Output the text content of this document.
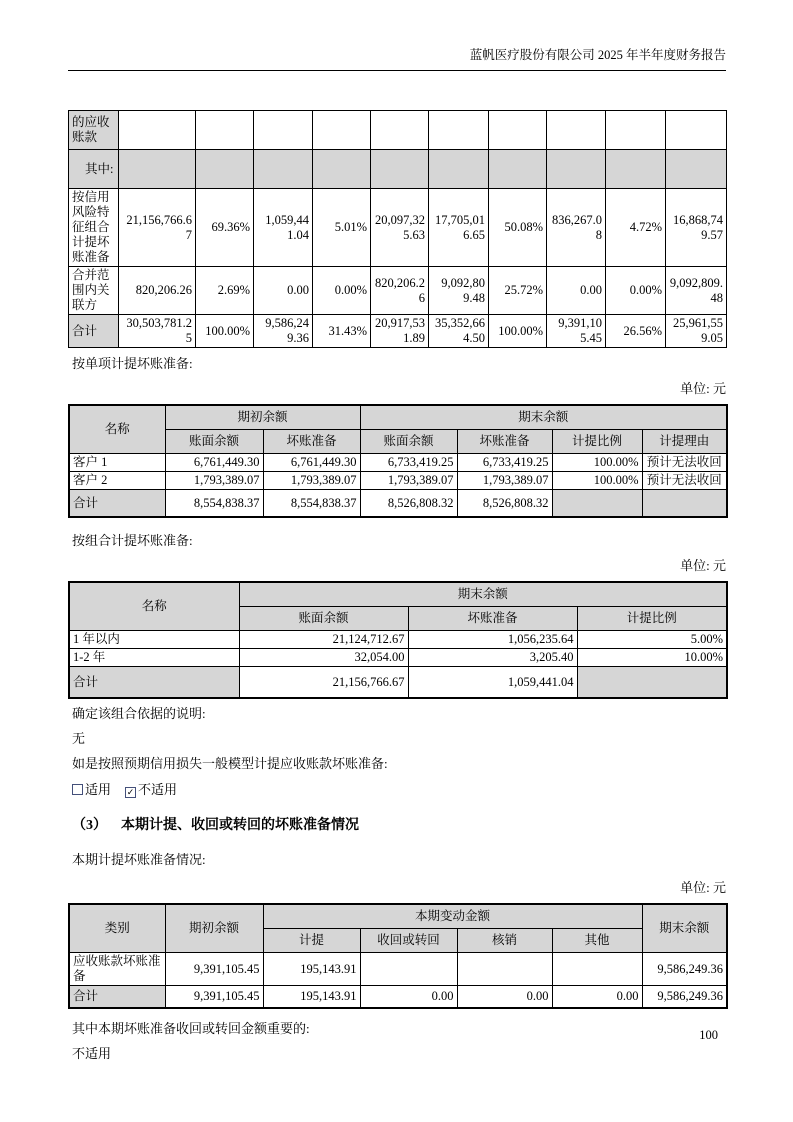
蓝帆医疗股份有限公司 2025 年半年度财务报告
的应收账款										
其中:										
按信用风险特征组合计提坏账准备	21,156,766.67	69.36%	1,059,441.04	5.01%	20,097,325.63	17,705,016.65	50.08%	836,267.08	4.72%	16,868,749.57
合并范围内关联方	820,206.26	2.69%	0.00	0.00%	820,206.26	9,092,809.48	25.72%	0.00	0.00%	9,092,809.48
合计	30,503,781.25	100.00%	9,586,249.36	31.43%	20,917,531.89	35,352,664.50	100.00%	9,391,105.45	26.56%	25,961,559.05
按单项计提坏账准备:
单位: 元
名称	期初余额		期末余额			
	账面余额	坏账准备	账面余额	坏账准备	计提比例	计提理由
客户 1	6,761,449.30	6,761,449.30	6,733,419.25	6,733,419.25	100.00%	预计无法收回
客户 2	1,793,389.07	1,793,389.07	1,793,389.07	1,793,389.07	100.00%	预计无法收回
合计	8,554,838.37	8,554,838.37	8,526,808.32	8,526,808.32		
按组合计提坏账准备:
单位: 元
名称	期末余额		
	账面余额	坏账准备	计提比例
1 年以内	21,124,712.67	1,056,235.64	5.00%
1-2 年	32,054.00	3,205.40	10.00%
合计	21,156,766.67	1,059,441.04	
确定该组合依据的说明:
无
如是按照预期信用损失一般模型计提应收账款坏账准备:
适用 ✓ 不适用
（3） 本期计提、收回或转回的坏账准备情况
本期计提坏账准备情况:
单位: 元
类别	期初余额	本期变动金额				期末余额
		计提	收回或转回	核销	其他	
应收账款坏账准备	9,391,105.45	195,143.91				9,586,249.36
合计	9,391,105.45	195,143.91	0.00	0.00	0.00	9,586,249.36
其中本期坏账准备收回或转回金额重要的:
不适用
100
